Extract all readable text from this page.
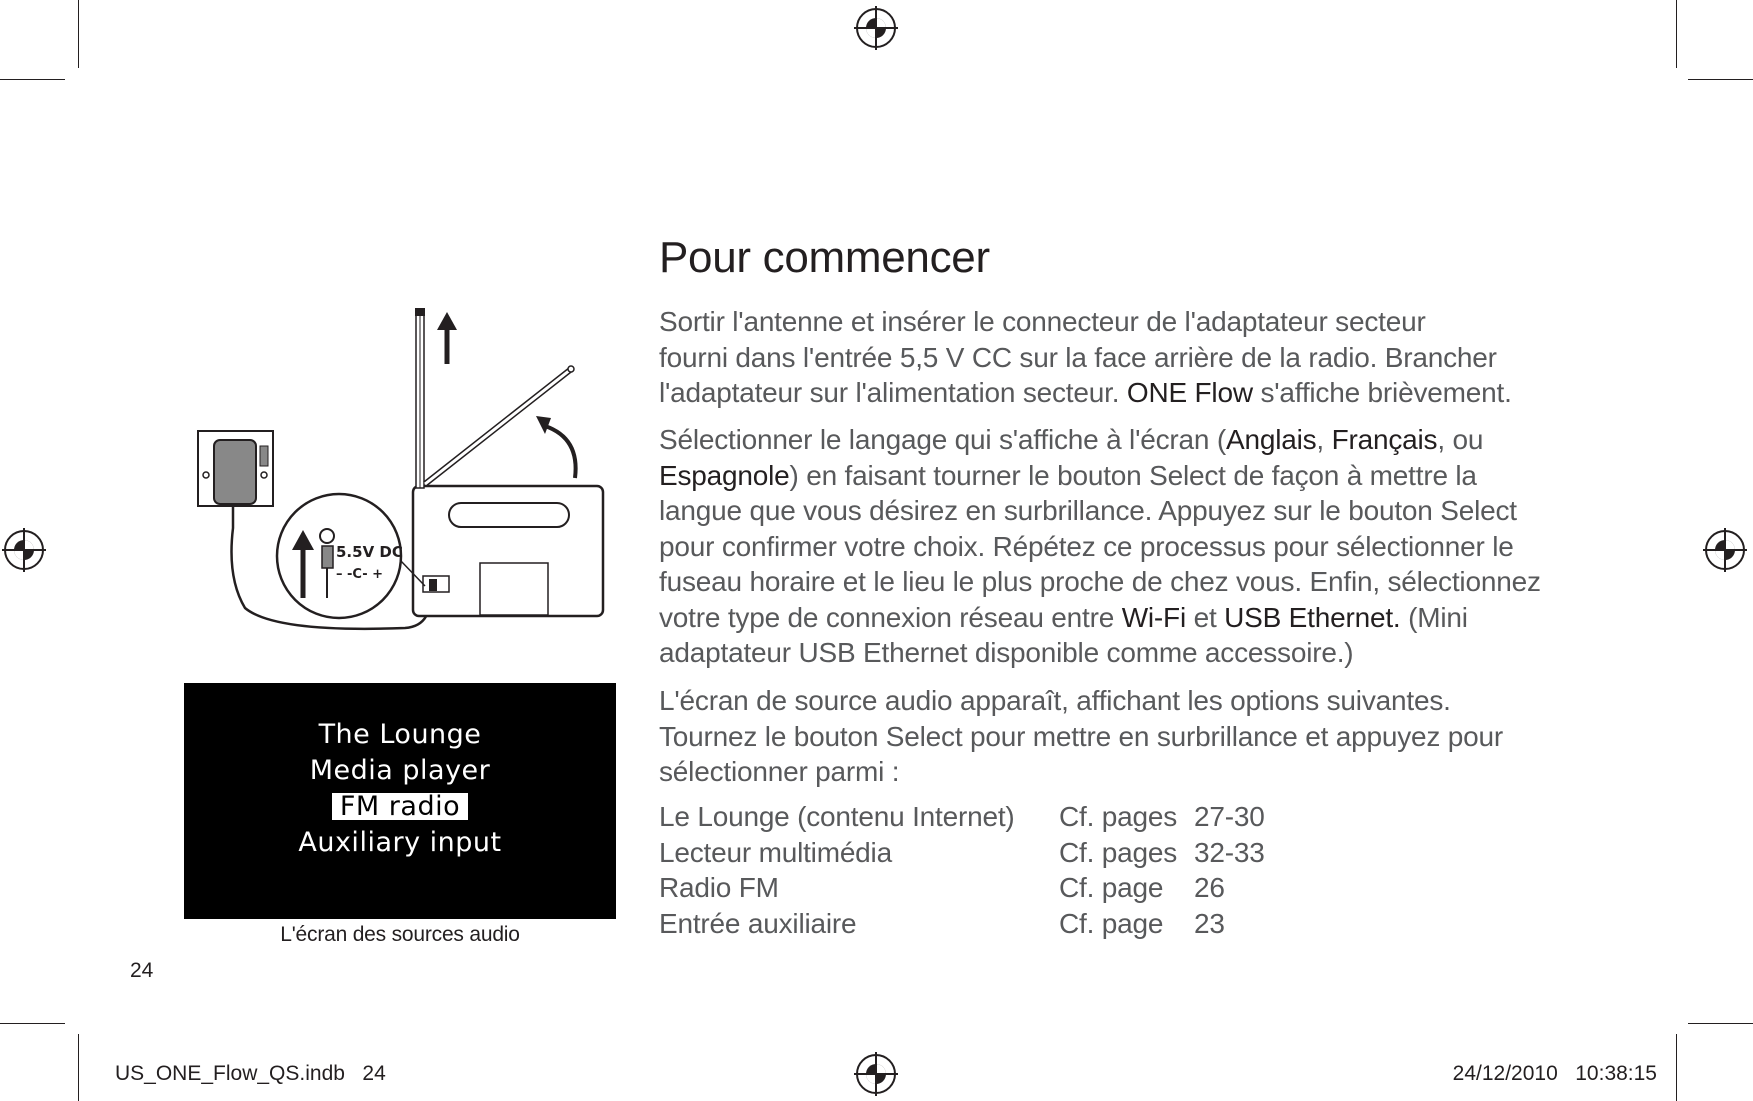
5.5V DC
– -C- +
The Lounge
Media player
FM radio
Auxiliary input
L'écran des sources audio
24
Pour commencer
Sortir l'antenne et insérer le connecteur de l'adaptateur secteur
fourni dans l'entrée 5,5 V CC sur la face arrière de la radio. Brancher
l'adaptateur sur l'alimentation secteur. ONE Flow s'affiche brièvement.
Sélectionner le langage qui s'affiche à l'écran (Anglais, Français, ou
Espagnole) en faisant tourner le bouton Select de façon à mettre la
langue que vous désirez en surbrillance. Appuyez sur le bouton Select
pour confirmer votre choix. Répétez ce processus pour sélectionner le
fuseau horaire et le lieu le plus proche de chez vous. Enfin, sélectionnez
votre type de connexion réseau entre Wi-Fi et USB Ethernet. (Mini
adaptateur USB Ethernet disponible comme accessoire.)
L'écran de source audio apparaît, affichant les options suivantes.
Tournez le bouton Select pour mettre en surbrillance et appuyez pour
sélectionner parmi :
Le Lounge (contenu Internet)	Cf. pages 27-30
Lecteur multimédia	Cf. pages 32-33
Radio FM	Cf. page	26
Entrée auxiliaire	Cf. page	23
US_ONE_Flow_QS.indb   24	24/12/2010   10:38:15
